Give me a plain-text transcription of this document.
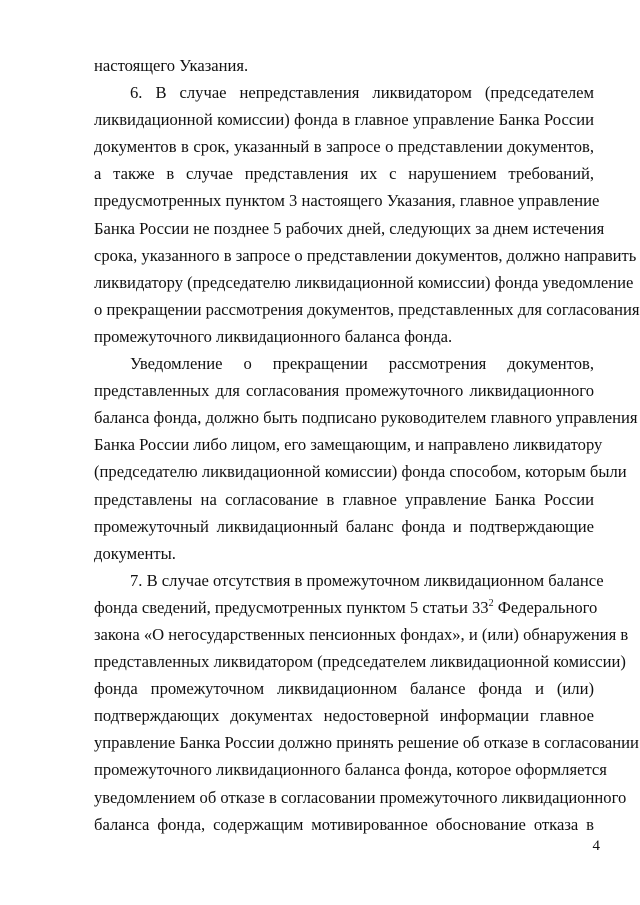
настоящего Указания.
6. В случае непредставления ликвидатором (председателем
ликвидационной комиссии) фонда в главное управление Банка России
документов в срок, указанный в запросе о представлении документов,
а также в случае представления их с нарушением требований,
предусмотренных пунктом 3 настоящего Указания, главное управление
Банка России не позднее 5 рабочих дней, следующих за днем истечения
срока, указанного в запросе о представлении документов, должно направить
ликвидатору (председателю ликвидационной комиссии) фонда уведомление
о прекращении рассмотрения документов, представленных для согласования
промежуточного ликвидационного баланса фонда.
Уведомление о прекращении рассмотрения документов,
представленных для согласования промежуточного ликвидационного
баланса фонда, должно быть подписано руководителем главного управления
Банка России либо лицом, его замещающим, и направлено ликвидатору
(председателю ликвидационной комиссии) фонда способом, которым были
представлены на согласование в главное управление Банка России
промежуточный ликвидационный баланс фонда и подтверждающие
документы.
7. В случае отсутствия в промежуточном ликвидационном балансе
фонда сведений, предусмотренных пунктом 5 статьи $33^2$ Федерального
закона «О негосударственных пенсионных фондах», и (или) обнаружения в
представленных ликвидатором (председателем ликвидационной комиссии)
фонда промежуточном ликвидационном балансе фонда и (или)
подтверждающих документах недостоверной информации главное
управление Банка России должно принять решение об отказе в согласовании
промежуточного ликвидационного баланса фонда, которое оформляется
уведомлением об отказе в согласовании промежуточного ликвидационного
баланса фонда, содержащим мотивированное обоснование отказа в
4
